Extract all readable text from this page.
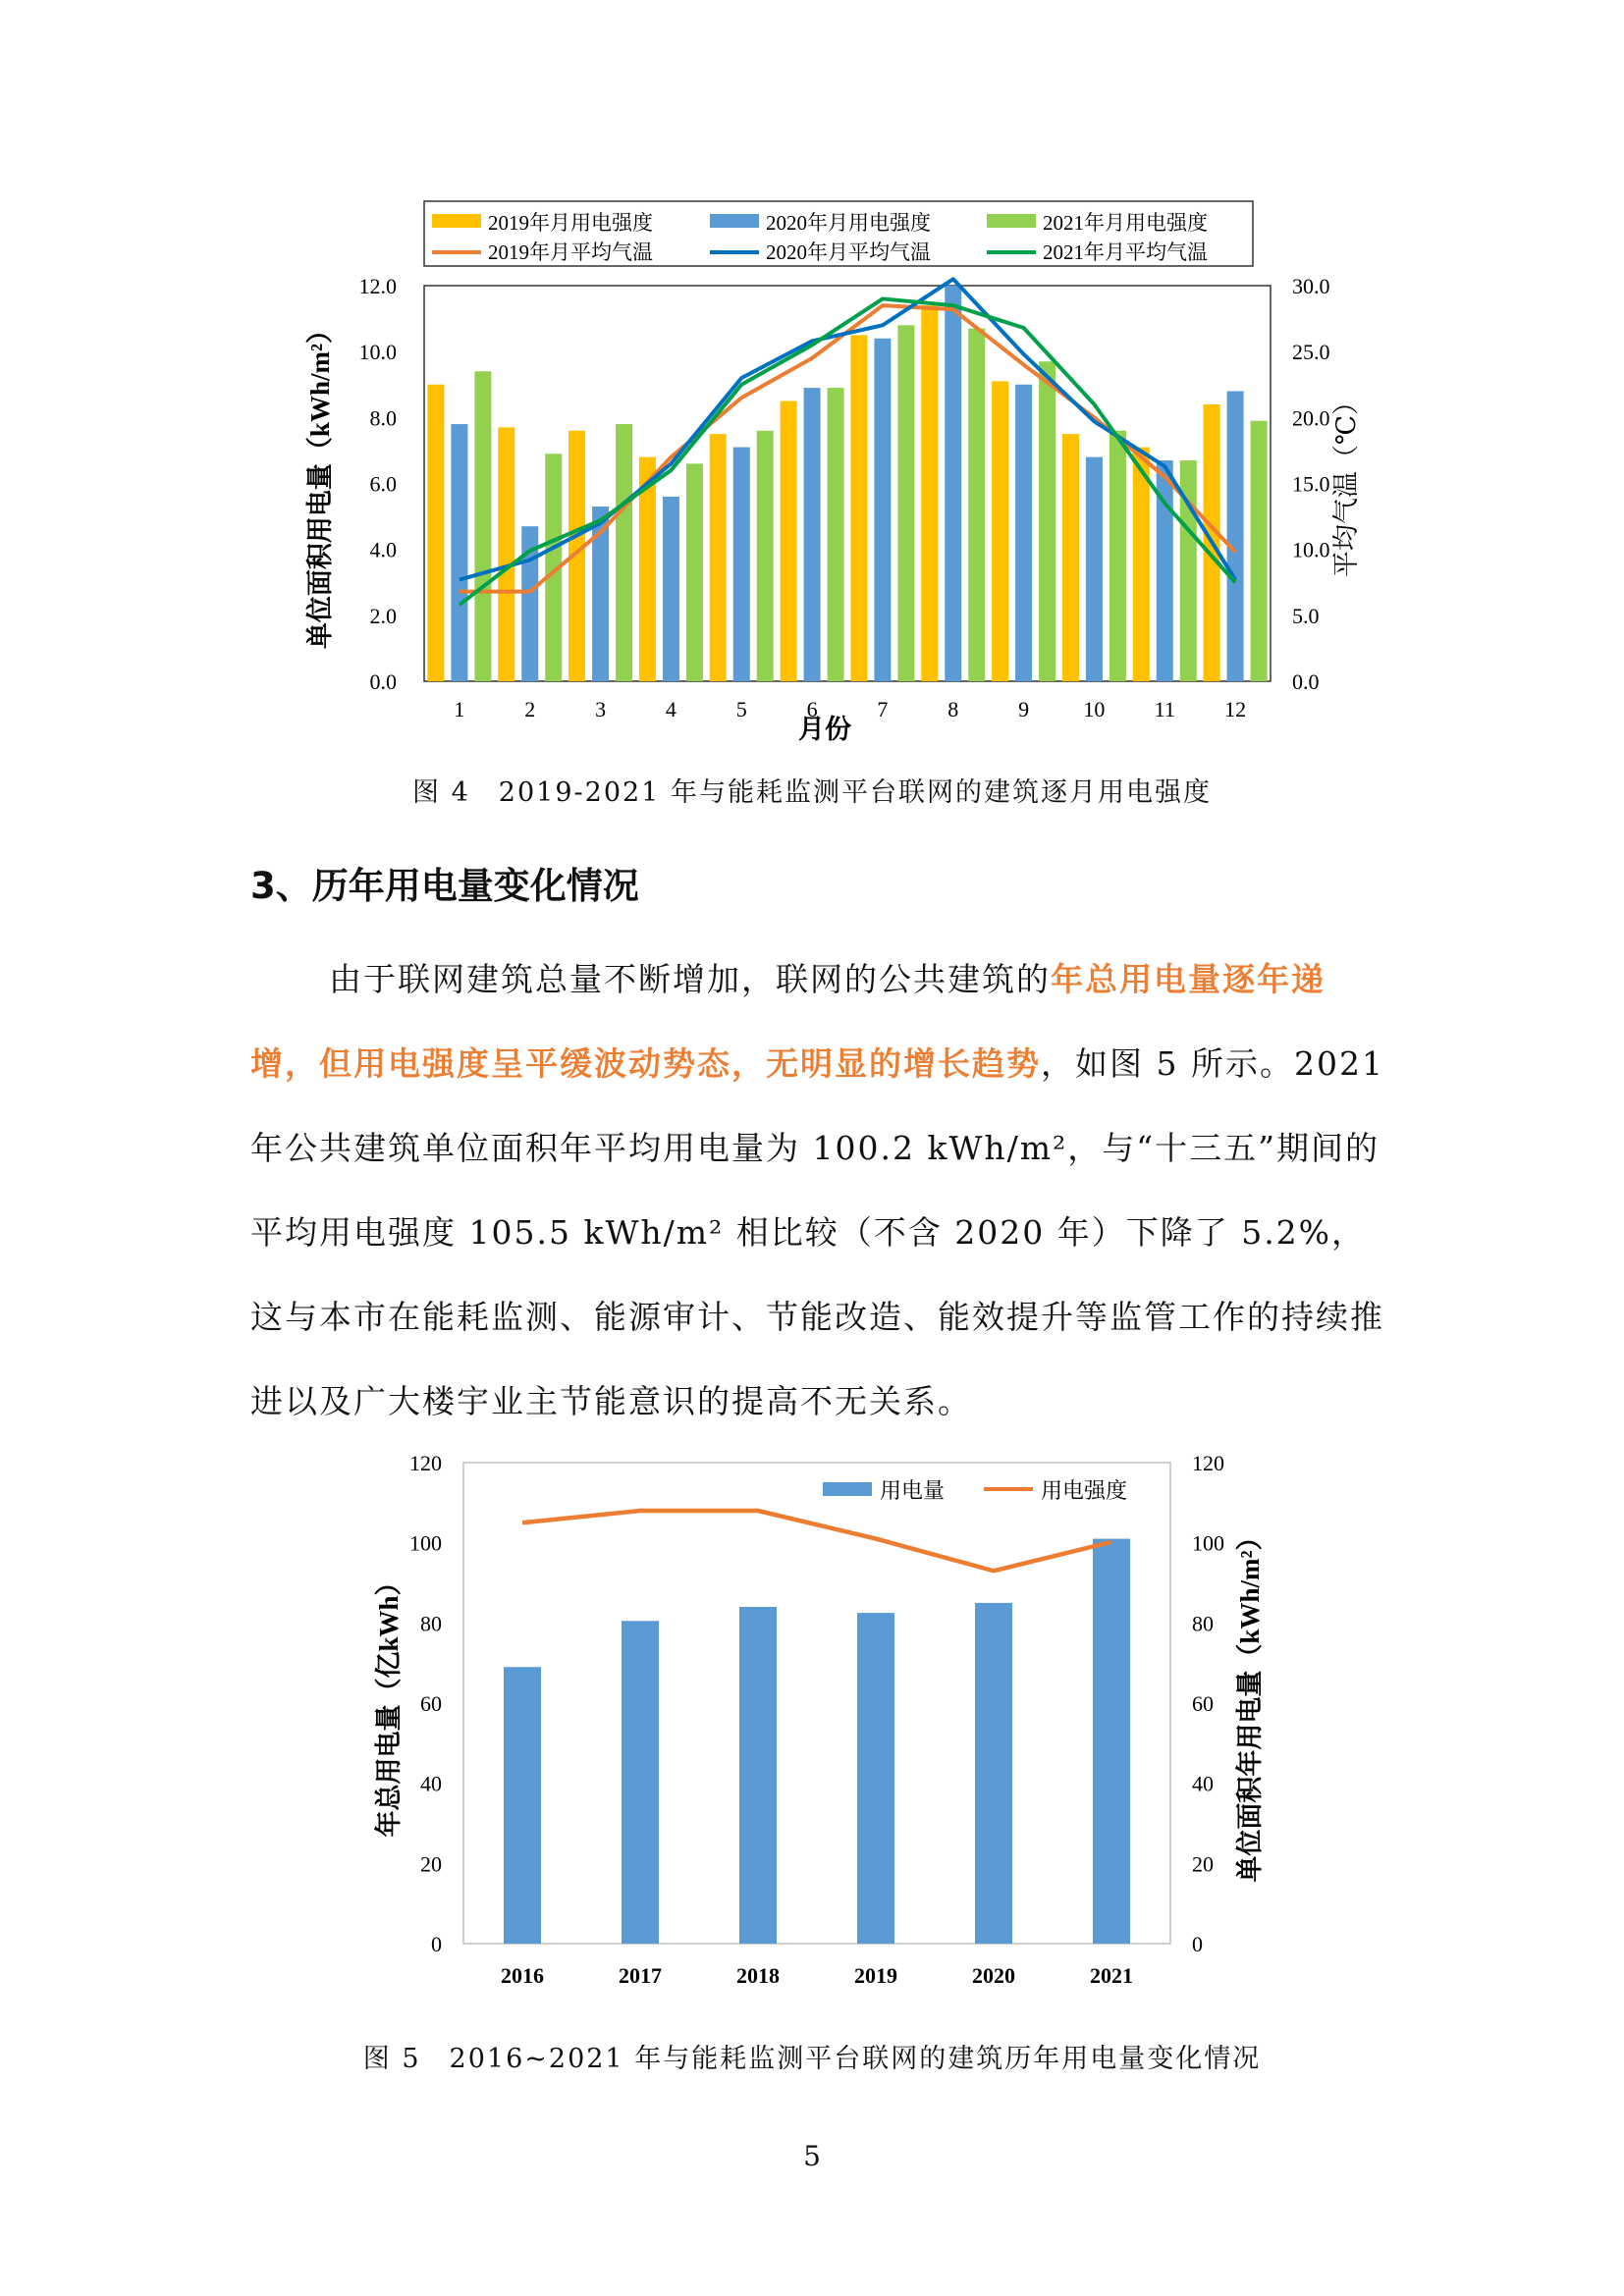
0.0
2.0
4.0
6.0
8.0
10.0
12.0
0.0
5.0
10.0
15.0
20.0
25.0
30.0
1	2	3	4	5	6	7	8	9	10 11 12
2019年月用电强度	2020年月用电强度	2021年月用电强度
2019年月平均气温	2020年月平均气温	2021年月平均气温
月份
单位面积用电量（kWh/m²）	平均气温（℃）
图 4　2019-2021 年与能耗监测平台联网的建筑逐月用电强度
3、历年用电量变化情况

由于联网建筑总量不断增加，联网的公共建筑的年总用电量逐年递增，但用电强度呈平缓波动势态，无明显的增长趋势，如图 5 所示。2021 年公共建筑单位面积年平均用电量为 100.2 kWh/m²，与“十三五”期间的平均用电强度 105.5 kWh/m² 相比较（不含 2020 年）下降了 5.2%，这与本市在能耗监测、能源审计、节能改造、能效提升等监管工作的持续推进以及广大楼宇业主节能意识的提高不无关系。

0
20
40
60
80
100
120
0
20
40
60
80
100
120
2016	2017	2018	2019	2020	2021
用电量	用电强度
年总用电量（亿kWh）	单位面积年用电量（kWh/m²）
图 5　2016~2021 年与能耗监测平台联网的建筑历年用电量变化情况
5
